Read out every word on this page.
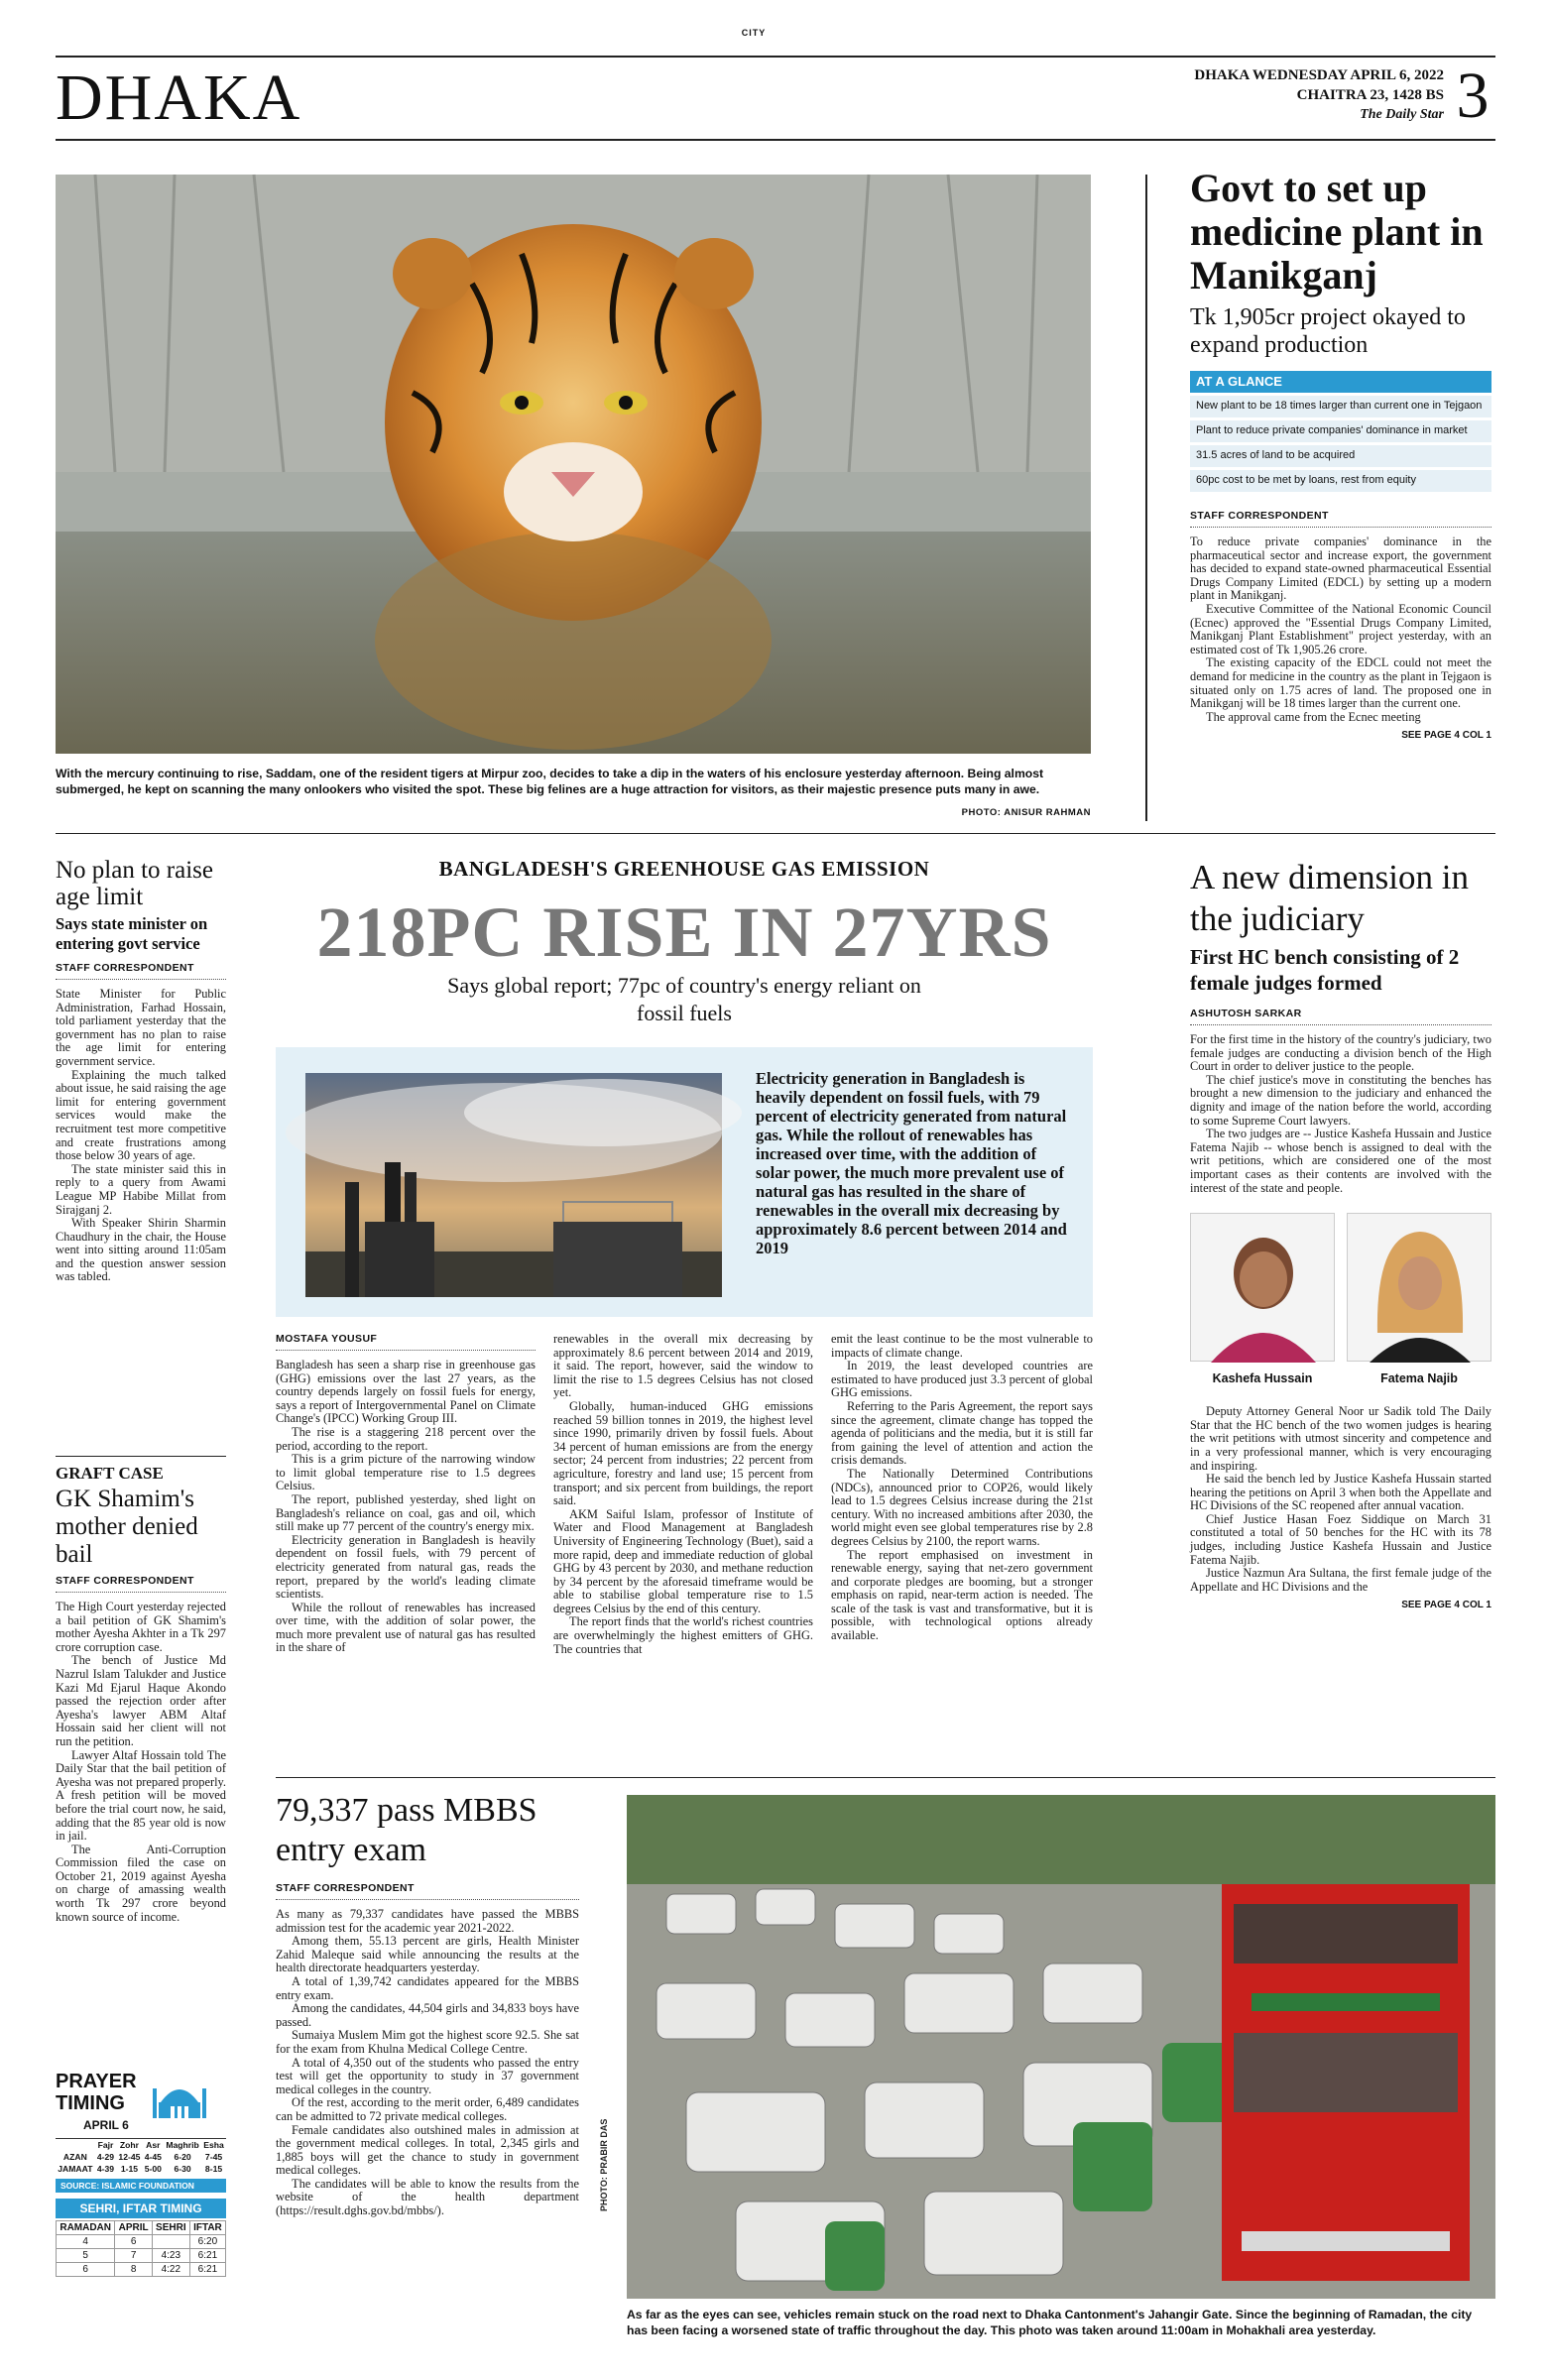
CITY
DHAKA	DHAKA WEDNESDAY APRIL 6, 2022
CHAITRA 23, 1428 BS
The Daily Star 3
With the mercury continuing to rise, Saddam, one of the resident tigers at Mirpur zoo, decides to take a dip in the waters of his enclosure yesterday afternoon. Being almost submerged, he kept on scanning the many onlookers who visited the spot. These big felines are a huge attraction for visitors, as their majestic presence puts many in awe.
PHOTO: ANISUR RAHMAN
Govt to set up medicine plant in Manikganj
Tk 1,905cr project okayed to expand production
AT A GLANCE
New plant to be 18 times larger than current one in Tejgaon
Plant to reduce private companies' dominance in market
31.5 acres of land to be acquired
60pc cost to be met by loans, rest from equity
STAFF CORRESPONDENT

To reduce private companies' dominance in the pharmaceutical sector and increase export, the government has decided to expand state-owned pharmaceutical Essential Drugs Company Limited (EDCL) by setting up a modern plant in Manikganj.

Executive Committee of the National Economic Council (Ecnec) approved the "Essential Drugs Company Limited, Manikganj Plant Establishment" project yesterday, with an estimated cost of Tk 1,905.26 crore.

The existing capacity of the EDCL could not meet the demand for medicine in the country as the plant in Tejgaon is situated only on 1.75 acres of land. The proposed one in Manikganj will be 18 times larger than the current one.

The approval came from the Ecnec meeting

SEE PAGE 4 COL 1
No plan to raise age limit
Says state minister on entering govt service
STAFF CORRESPONDENT

State Minister for Public Administration, Farhad Hossain, told parliament yesterday that the government has no plan to raise the age limit for entering government service.

Explaining the much talked about issue, he said raising the age limit for entering government services would make the recruitment test more competitive and create frustrations among those below 30 years of age.

The state minister said this in reply to a query from Awami League MP Habibe Millat from Sirajganj 2.

With Speaker Shirin Sharmin Chaudhury in the chair, the House went into sitting around 11:05am and the question answer session was tabled.

GRAFT CASE
GK Shamim's mother denied bail
STAFF CORRESPONDENT

The High Court yesterday rejected a bail petition of GK Shamim's mother Ayesha Akhter in a Tk 297 crore corruption case.

The bench of Justice Md Nazrul Islam Talukder and Justice Kazi Md Ejarul Haque Akondo passed the rejection order after Ayesha's lawyer ABM Altaf Hossain said her client will not run the petition.

Lawyer Altaf Hossain told The Daily Star that the bail petition of Ayesha was not prepared properly. A fresh petition will be moved before the trial court now, he said, adding that the 85 year old is now in jail.

The Anti-Corruption Commission filed the case on October 21, 2019 against Ayesha on charge of amassing wealth worth Tk 297 crore beyond known source of income.

PRAYER
TIMING
APRIL 6
	Fajr	Zohr	Asr	Maghrib	Esha
AZAN	4-29	12-45	4-45	6-20	7-45
JAMAAT	4-39	1-15	5-00	6-30	8-15
SOURCE: ISLAMIC FOUNDATION
SEHRI, IFTAR TIMING
RAMADAN	APRIL	SEHRI	IFTAR
4	6		6:20
5	7	4:23	6:21
6	8	4:22	6:21
BANGLADESH'S GREENHOUSE GAS EMISSION
218PC RISE IN 27YRS
Says global report; 77pc of country's energy reliant on fossil fuels
Electricity generation in Bangladesh is heavily dependent on fossil fuels, with 79 percent of electricity generated from natural gas. While the rollout of renewables has increased over time, with the addition of solar power, the much more prevalent use of natural gas has resulted in the share of renewables in the overall mix decreasing by approximately 8.6 percent between 2014 and 2019
MOSTAFA YOUSUF

Bangladesh has seen a sharp rise in greenhouse gas (GHG) emissions over the last 27 years, as the country depends largely on fossil fuels for energy, says a report of Intergovernmental Panel on Climate Change's (IPCC) Working Group III.

The rise is a staggering 218 percent over the period, according to the report.

This is a grim picture of the narrowing window to limit global temperature rise to 1.5 degrees Celsius.

The report, published yesterday, shed light on Bangladesh's reliance on coal, gas and oil, which still make up 77 percent of the country's energy mix.

Electricity generation in Bangladesh is heavily dependent on fossil fuels, with 79 percent of electricity generated from natural gas, reads the report, prepared by the world's leading climate scientists.

While the rollout of renewables has increased over time, with the addition of solar power, the much more prevalent use of natural gas has resulted in the share of

renewables in the overall mix decreasing by approximately 8.6 percent between 2014 and 2019, it said. The report, however, said the window to limit the rise to 1.5 degrees Celsius has not closed yet.

Globally, human-induced GHG emissions reached 59 billion tonnes in 2019, the highest level since 1990, primarily driven by fossil fuels. About 34 percent of human emissions are from the energy sector; 24 percent from industries; 22 percent from agriculture, forestry and land use; 15 percent from transport; and six percent from buildings, the report said.

AKM Saiful Islam, professor of Institute of Water and Flood Management at Bangladesh University of Engineering Technology (Buet), said a more rapid, deep and immediate reduction of global GHG by 43 percent by 2030, and methane reduction by 34 percent by the aforesaid timeframe would be able to stabilise global temperature rise to 1.5 degrees Celsius by the end of this century.

The report finds that the world's richest countries are overwhelmingly the highest emitters of GHG. The countries that

emit the least continue to be the most vulnerable to impacts of climate change.

In 2019, the least developed countries are estimated to have produced just 3.3 percent of global GHG emissions.

Referring to the Paris Agreement, the report says since the agreement, climate change has topped the agenda of politicians and the media, but it is still far from gaining the level of attention and action the crisis demands.

The Nationally Determined Contributions (NDCs), announced prior to COP26, would likely lead to 1.5 degrees Celsius increase during the 21st century. With no increased ambitions after 2030, the world might even see global temperatures rise by 2.8 degrees Celsius by 2100, the report warns.

The report emphasised on investment in renewable energy, saying that net-zero government and corporate pledges are booming, but a stronger emphasis on rapid, near-term action is needed. The scale of the task is vast and transformative, but it is possible, with technological options already available.

A new dimension in the judiciary
First HC bench consisting of 2 female judges formed
ASHUTOSH SARKAR

For the first time in the history of the country's judiciary, two female judges are conducting a division bench of the High Court in order to deliver justice to the people.

The chief justice's move in constituting the benches has brought a new dimension to the judiciary and enhanced the dignity and image of the nation before the world, according to some Supreme Court lawyers.

The two judges are -- Justice Kashefa Hussain and Justice Fatema Najib -- whose bench is assigned to deal with the writ petitions, which are considered one of the most important cases as their contents are involved with the interest of the state and people.

Kashefa Hussain	Fatema Najib

Deputy Attorney General Noor ur Sadik told The Daily Star that the HC bench of the two women judges is hearing the writ petitions with utmost sincerity and competence and in a very professional manner, which is very encouraging and inspiring.

He said the bench led by Justice Kashefa Hussain started hearing the petitions on April 3 when both the Appellate and HC Divisions of the SC reopened after annual vacation.

Chief Justice Hasan Foez Siddique on March 31 constituted a total of 50 benches for the HC with its 78 judges, including Justice Kashefa Hussain and Justice Fatema Najib.

Justice Nazmun Ara Sultana, the first female judge of the Appellate and HC Divisions and the

SEE PAGE 4 COL 1
79,337 pass MBBS entry exam
STAFF CORRESPONDENT

As many as 79,337 candidates have passed the MBBS admission test for the academic year 2021-2022.

Among them, 55.13 percent are girls, Health Minister Zahid Maleque said while announcing the results at the health directorate headquarters yesterday.

A total of 1,39,742 candidates appeared for the MBBS entry exam.

Among the candidates, 44,504 girls and 34,833 boys have passed.

Sumaiya Muslem Mim got the highest score 92.5. She sat for the exam from Khulna Medical College Centre.

A total of 4,350 out of the students who passed the entry test will get the opportunity to study in 37 government medical colleges in the country.

Of the rest, according to the merit order, 6,489 candidates can be admitted to 72 private medical colleges.

Female candidates also outshined males in admission at the government medical colleges. In total, 2,345 girls and 1,885 boys will get the chance to study in government medical colleges.

The candidates will be able to know the results from the website of the health department (https://result.dghs.gov.bd/mbbs/).	PHOTO: PRABIR DAS
As far as the eyes can see, vehicles remain stuck on the road next to Dhaka Cantonment's Jahangir Gate. Since the beginning of Ramadan, the city has been facing a worsened state of traffic throughout the day. This photo was taken around 11:00am in Mohakhali area yesterday.
